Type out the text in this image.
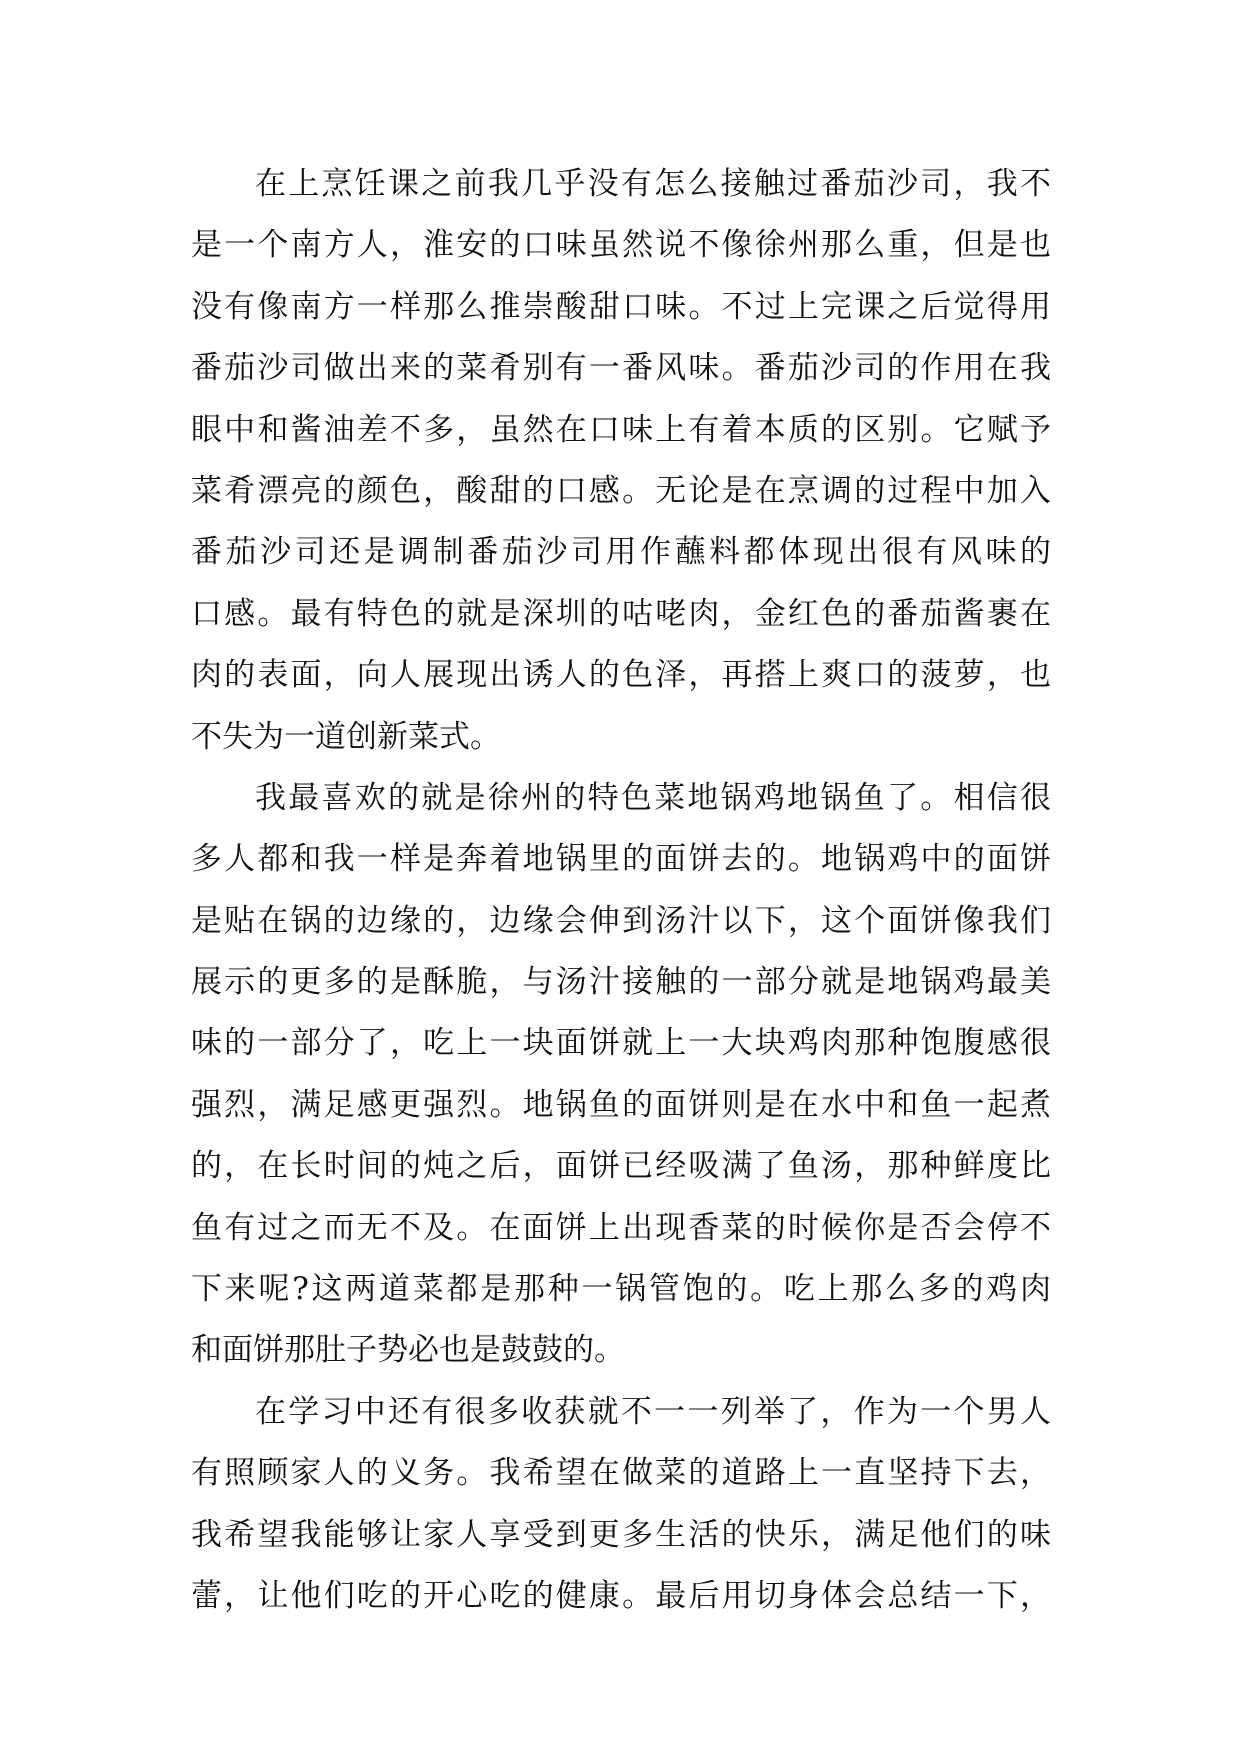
在上烹饪课之前我几乎没有怎么接触过番茄沙司，我不
是一个南方人，淮安的口味虽然说不像徐州那么重，但是也
没有像南方一样那么推崇酸甜口味。不过上完课之后觉得用
番茄沙司做出来的菜肴别有一番风味。番茄沙司的作用在我
眼中和酱油差不多，虽然在口味上有着本质的区别。它赋予
菜肴漂亮的颜色，酸甜的口感。无论是在烹调的过程中加入
番茄沙司还是调制番茄沙司用作蘸料都体现出很有风味的
口感。最有特色的就是深圳的咕咾肉，金红色的番茄酱裹在
肉的表面，向人展现出诱人的色泽，再搭上爽口的菠萝，也
不失为一道创新菜式。
我最喜欢的就是徐州的特色菜地锅鸡地锅鱼了。相信很
多人都和我一样是奔着地锅里的面饼去的。地锅鸡中的面饼
是贴在锅的边缘的，边缘会伸到汤汁以下，这个面饼像我们
展示的更多的是酥脆，与汤汁接触的一部分就是地锅鸡最美
味的一部分了，吃上一块面饼就上一大块鸡肉那种饱腹感很
强烈，满足感更强烈。地锅鱼的面饼则是在水中和鱼一起煮
的，在长时间的炖之后，面饼已经吸满了鱼汤，那种鲜度比
鱼有过之而无不及。在面饼上出现香菜的时候你是否会停不
下来呢?这两道菜都是那种一锅管饱的。吃上那么多的鸡肉
和面饼那肚子势必也是鼓鼓的。
在学习中还有很多收获就不一一列举了，作为一个男人
有照顾家人的义务。我希望在做菜的道路上一直坚持下去，
我希望我能够让家人享受到更多生活的快乐，满足他们的味
蕾，让他们吃的开心吃的健康。最后用切身体会总结一下，
